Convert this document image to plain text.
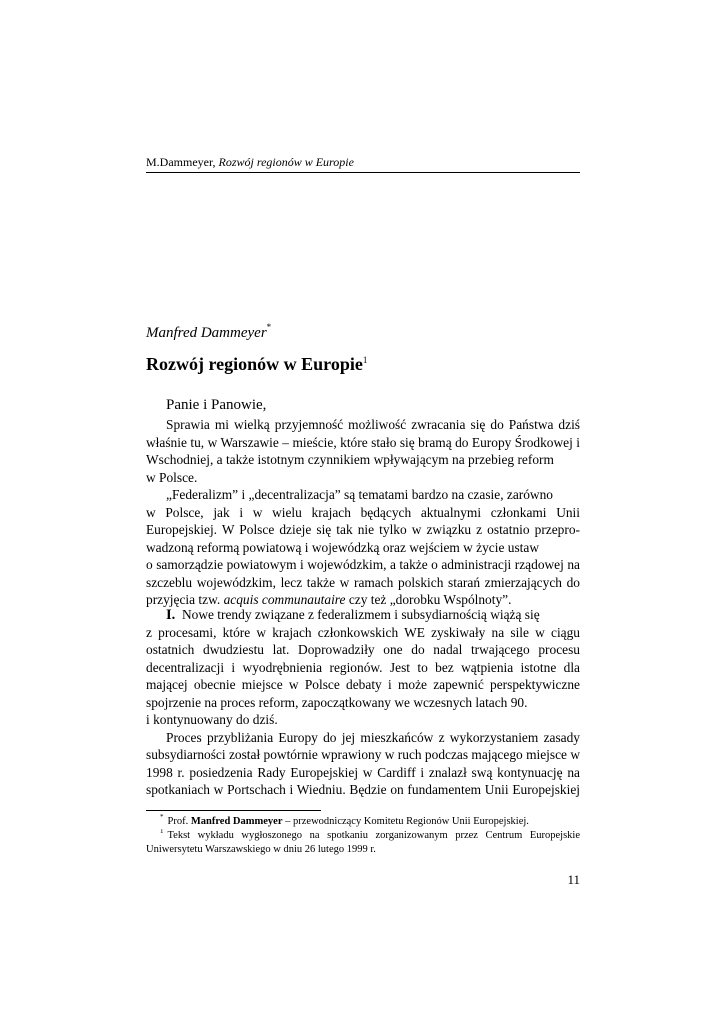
M.Dammeyer, Rozwój regionów w Europie
Manfred Dammeyer*
Rozwój regionów w Europie$^1$
Panie i Panowie,
Sprawia mi wielką przyjemność możliwość zwracania się do Państwa dziś
właśnie tu, w Warszawie – mieście, które stało się bramą do Europy Środkowej i
Wschodniej, a także istotnym czynnikiem wpływającym na przebieg reform
w Polsce.
„Federalizm” i „decentralizacja” są tematami bardzo na czasie, zarówno
w Polsce, jak i w wielu krajach będących aktualnymi członkami Unii
Europejskiej. W Polsce dzieje się tak nie tylko w związku z ostatnio przepro-
wadzoną reformą powiatową i wojewódzką oraz wejściem w życie ustaw
o samorządzie powiatowym i wojewódzkim, a także o administracji rządowej na
szczeblu wojewódzkim, lecz także w ramach polskich starań zmierzających do
przyjęcia tzw. acquis communautaire czy też „dorobku Wspólnoty”.
I. Nowe trendy związane z federalizmem i subsydiarnością wiążą się
z procesami, które w krajach członkowskich WE zyskiwały na sile w ciągu
ostatnich dwudziestu lat. Doprowadziły one do nadal trwającego procesu
decentralizacji i wyodrębnienia regionów. Jest to bez wątpienia istotne dla
mającej obecnie miejsce w Polsce debaty i może zapewnić perspektywiczne
spojrzenie na proces reform, zapoczątkowany we wczesnych latach 90.
i kontynuowany do dziś.
Proces przybliżania Europy do jej mieszkańców z wykorzystaniem zasady
subsydiarności został powtórnie wprawiony w ruch podczas mającego miejsce w
1998 r. posiedzenia Rady Europejskiej w Cardiff i znalazł swą kontynuację na
spotkaniach w Portschach i Wiedniu. Będzie on fundamentem Unii Europejskiej
* Prof. Manfred Dammeyer – przewodniczący Komitetu Regionów Unii Europejskiej.
$^1$ Tekst wykładu wygłoszonego na spotkaniu zorganizowanym przez Centrum Europejskie
Uniwersytetu Warszawskiego w dniu 26 lutego 1999 r.
11
